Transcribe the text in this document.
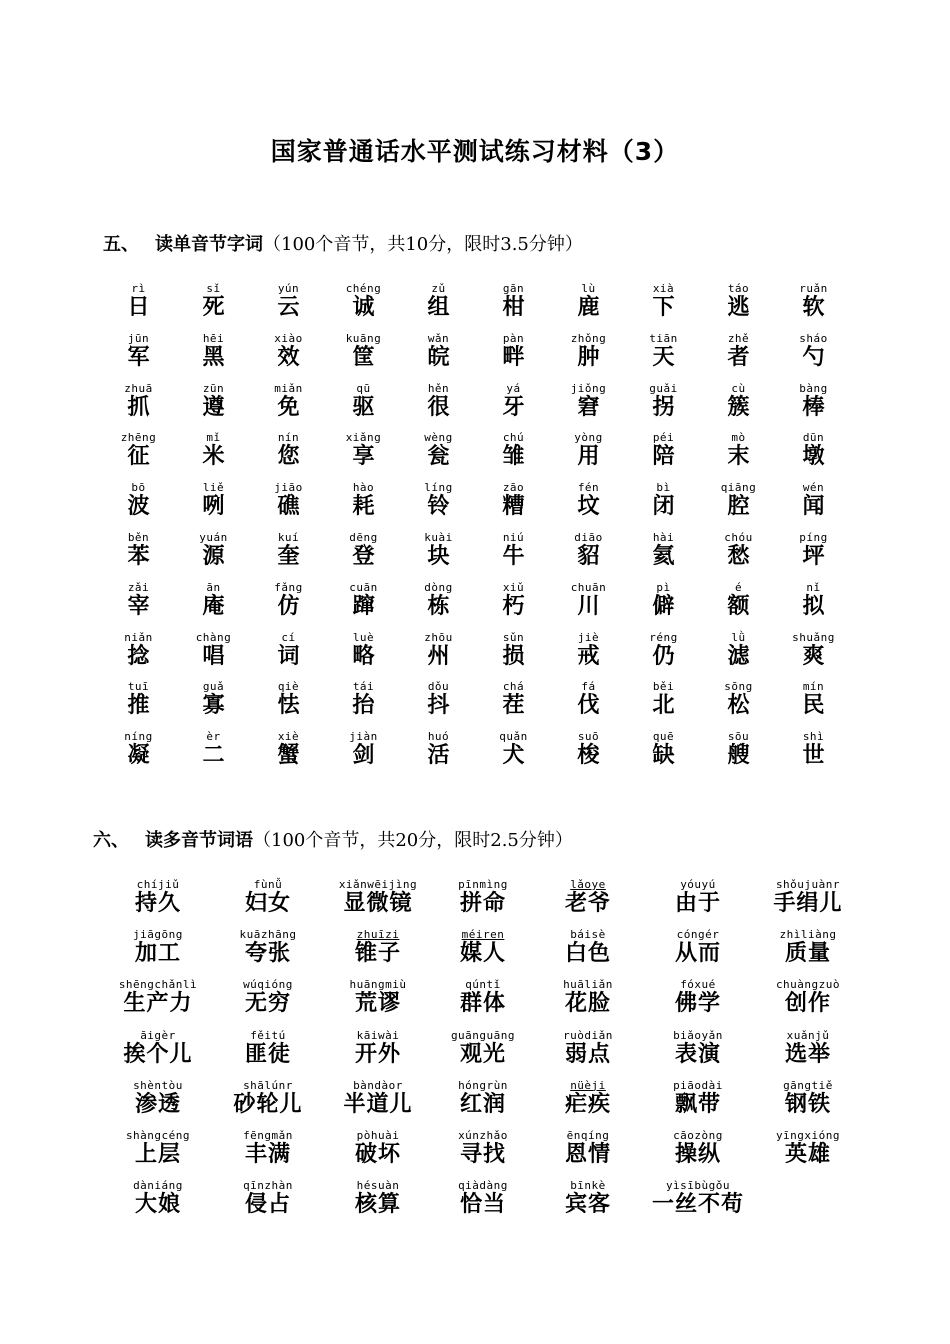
国家普通话水平测试练习材料（3）
五、 读单音节字词（100个音节，共10分，限时3.5分钟）
rì
日
sǐ
死
yún
云
chéng
诚
zǔ
组
gān
柑
lù
鹿
xià
下
táo
逃
ruǎn
软
jūn
军
hēi
黑
xiào
效
kuāng
筐
wǎn
皖
pàn
畔
zhǒng
肿
tiān
天
zhě
者
sháo
勺
zhuā
抓
zūn
遵
miǎn
免
qū
驱
hěn
很
yá
牙
jiǒng
窘
guǎi
拐
cù
簇
bàng
棒
zhēng
征
mǐ
米
nín
您
xiǎng
享
wèng
瓮
chú
雏
yòng
用
péi
陪
mò
末
dūn
墩
bō
波
liě
咧
jiāo
礁
hào
耗
líng
铃
zāo
糟
fén
坟
bì
闭
qiāng
腔
wén
闻
běn
苯
yuán
源
kuí
奎
dēng
登
kuài
块
niú
牛
diāo
貂
hài
氦
chóu
愁
píng
坪
zǎi
宰
ān
庵
fǎng
仿
cuān
蹿
dòng
栋
xiǔ
朽
chuān
川
pì
僻
é
额
nǐ
拟
niǎn
捻
chàng
唱
cí
词
luè
略
zhōu
州
sǔn
损
jiè
戒
réng
仍
lǜ
滤
shuǎng
爽
tuī
推
guǎ
寡
qiè
怯
tái
抬
dǒu
抖
chá
茬
fá
伐
běi
北
sōng
松
mín
民
níng
凝
èr
二
xiè
蟹
jiàn
剑
huó
活
quǎn
犬
suō
梭
quē
缺
sōu
艘
shì
世
六、 读多音节词语（100个音节，共20分，限时2.5分钟）
chíjiǔ
持久
fùnǚ
妇女
xiǎnwēijìng
显微镜
pīnmìng
拼命
lǎoye
老爷
yóuyú
由于
shǒujuànr
手绢儿
jiāgōng
加工
kuāzhāng
夸张
zhuīzi
锥子
méiren
媒人
báisè
白色
cóngér
从而
zhìliàng
质量
shēngchǎnlì
生产力
wúqióng
无穷
huāngmiù
荒谬
qúntǐ
群体
huāliǎn
花脸
fóxué
佛学
chuàngzuò
创作
āigèr
挨个儿
fěitú
匪徒
kāiwài
开外
guānguāng
观光
ruòdiǎn
弱点
biǎoyǎn
表演
xuǎnjǔ
选举
shèntòu
渗透
shālúnr
砂轮儿
bàndàor
半道儿
hóngrùn
红润
nüèji
疟疾
piāodài
飘带
gāngtiě
钢铁
shàngcéng
上层
fēngmǎn
丰满
pòhuài
破坏
xúnzhǎo
寻找
ēnqíng
恩情
cāozòng
操纵
yīngxióng
英雄
dàniáng
大娘
qīnzhàn
侵占
hésuàn
核算
qiàdàng
恰当
bīnkè
宾客
yìsībùgǒu
一丝不苟
